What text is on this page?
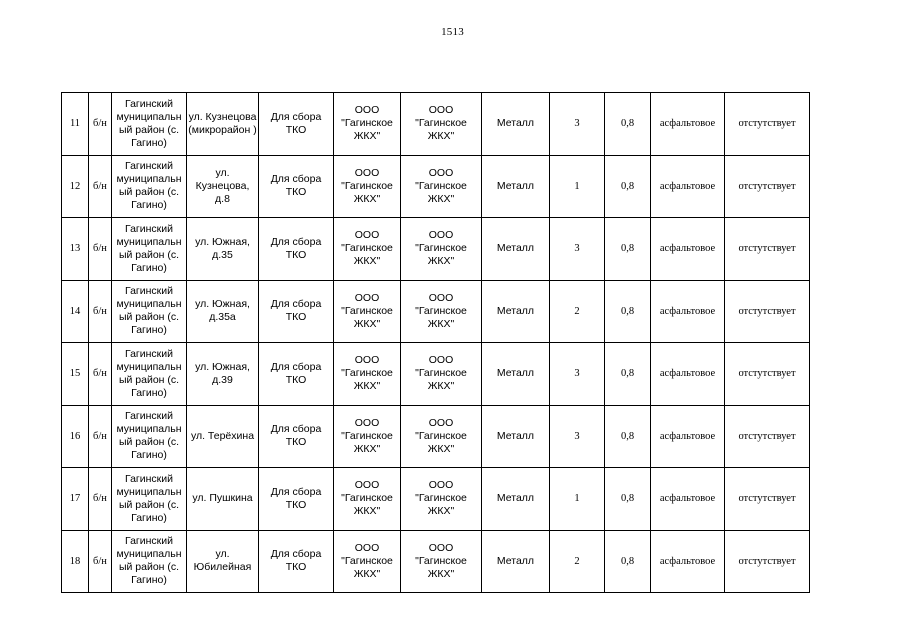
1513
11	б/н	Гагинский муниципальн ый район (с. Гагино)	ул. Кузнецова (микрорайон )	Для сбора ТКО	ООО "Гагинское ЖКХ"	ООО "Гагинское ЖКХ"	Металл	3	0,8	асфальтовое	отстутствует
12	б/н	Гагинский муниципальн ый район (с. Гагино)	ул. Кузнецова, д.8	Для сбора ТКО	ООО "Гагинское ЖКХ"	ООО "Гагинское ЖКХ"	Металл	1	0,8	асфальтовое	отстутствует
13	б/н	Гагинский муниципальн ый район (с. Гагино)	ул. Южная, д.35	Для сбора ТКО	ООО "Гагинское ЖКХ"	ООО "Гагинское ЖКХ"	Металл	3	0,8	асфальтовое	отстутствует
14	б/н	Гагинский муниципальн ый район (с. Гагино)	ул. Южная, д.35а	Для сбора ТКО	ООО "Гагинское ЖКХ"	ООО "Гагинское ЖКХ"	Металл	2	0,8	асфальтовое	отстутствует
15	б/н	Гагинский муниципальн ый район (с. Гагино)	ул. Южная, д.39	Для сбора ТКО	ООО "Гагинское ЖКХ"	ООО "Гагинское ЖКХ"	Металл	3	0,8	асфальтовое	отстутствует
16	б/н	Гагинский муниципальн ый район (с. Гагино)	ул. Терёхина	Для сбора ТКО	ООО "Гагинское ЖКХ"	ООО "Гагинское ЖКХ"	Металл	3	0,8	асфальтовое	отстутствует
17	б/н	Гагинский муниципальн ый район (с. Гагино)	ул. Пушкина	Для сбора ТКО	ООО "Гагинское ЖКХ"	ООО "Гагинское ЖКХ"	Металл	1	0,8	асфальтовое	отстутствует
18	б/н	Гагинский муниципальн ый район (с. Гагино)	ул. Юбилейная	Для сбора ТКО	ООО "Гагинское ЖКХ"	ООО "Гагинское ЖКХ"	Металл	2	0,8	асфальтовое	отстутствует
